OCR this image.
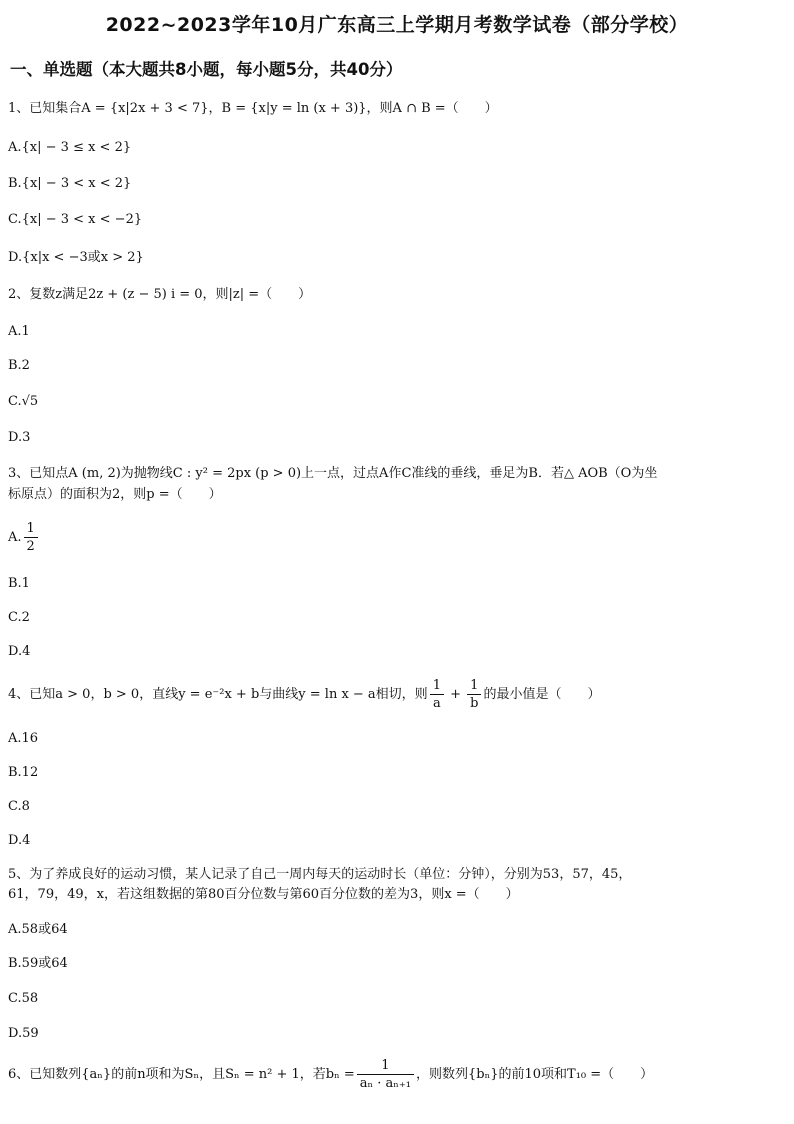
2022~2023学年10月广东高三上学期月考数学试卷（部分学校）
一、单选题（本大题共8小题，每小题5分，共40分）
1、已知集合A = {x|2x + 3 < 7}，B = {x|y = ln (x + 3)}，则A ∩ B =（　　）
A.{x| − 3 ≤ x < 2}
B.{x| − 3 < x < 2}
C.{x| − 3 < x < −2}
D.{x|x < −3或x > 2}
2、复数z满足2z + (z − 5) i = 0，则|z| =（　　）
A.1
B.2
C.√5
D.3
3、已知点A (m, 2)为抛物线C : y² = 2px (p > 0)上一点，过点A作C准线的垂线，垂足为B．若△ AOB（O为坐
标原点）的面积为2，则p =（　　）
A. $\frac{1}{2}$
B.1
C.2
D.4
4、已知a > 0，b > 0，直线y = e⁻²x + b与曲线y = ln x − a相切，则 $\frac{1}{a} + \frac{1}{b}$ 的最小值是（　　）
A.16
B.12
C.8
D.4
5、为了养成良好的运动习惯，某人记录了自己一周内每天的运动时长（单位：分钟），分别为53，57，45，
61，79，49，x，若这组数据的第80百分位数与第60百分位数的差为3，则x =（　　）
A.58或64
B.59或64
C.58
D.59
6、已知数列{aₙ}的前n项和为Sₙ，且Sₙ = n² + 1，若$b_n = \frac{1}{\text{aₙ · aₙ₊₁}}$ ，则数列{bₙ}的前10项和T₁₀ =（　　）
